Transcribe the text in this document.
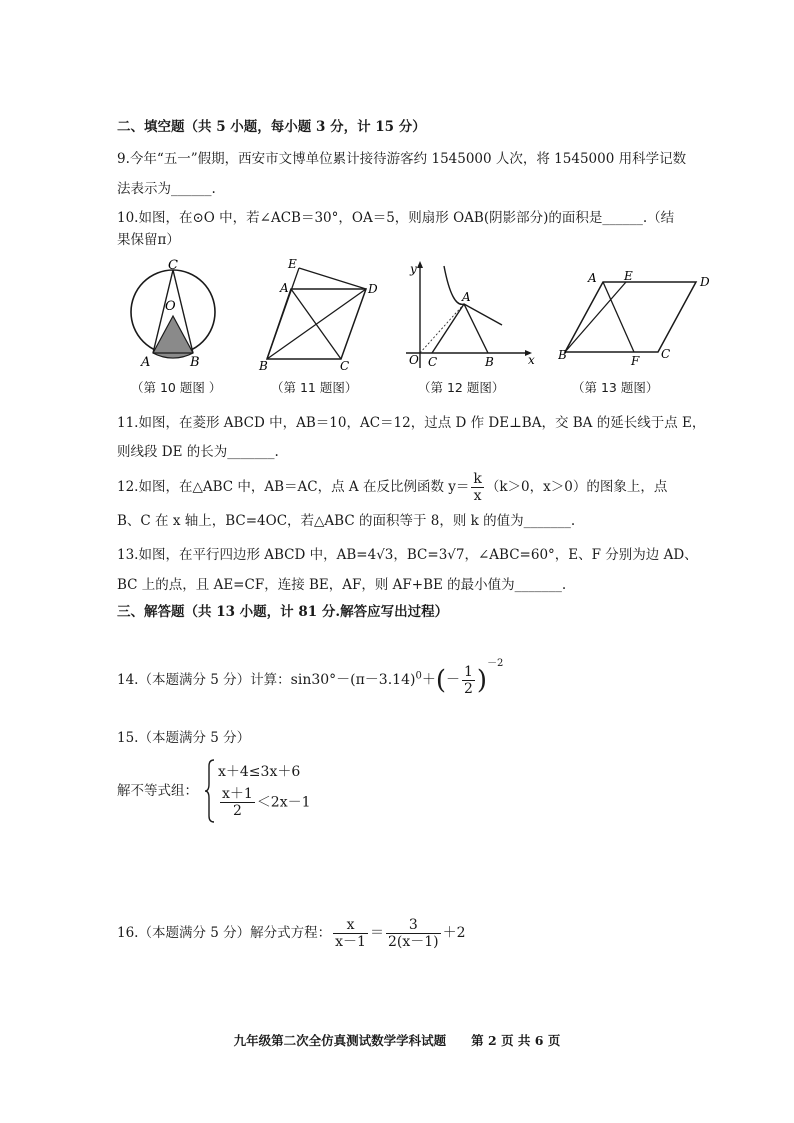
二、填空题（共 5 小题，每小题 3 分，计 15 分）
9.今年“五一”假期，西安市文博单位累计接待游客约 1545000 人次，将 1545000 用科学记数
法表示为______.
10.如图，在⊙O 中，若∠ACB＝30°，OA＝5，则扇形 OAB(阴影部分)的面积是______.（结
果保留π）
C
O
A	B
（第 10 题图 ）
E
A	D
B	C
（第 11 题图）
y
A
O C	B	x
（第 12 题图）
A E	D
B	F C
（第 13 题图）
11.如图，在菱形 ABCD 中，AB＝10，AC＝12，过点 D 作 DE⊥BA，交 BA 的延长线于点 E，
则线段 DE 的长为_______.
12.如图，在△ABC 中，AB＝AC，点 A 在反比例函数 $y= \frac{k}{x} (k>0$，x＞0）的图象上，点
B、C 在 x 轴上，BC=4OC，若△ABC 的面积等于 8，则 k 的值为_______.
13.如图，在平行四边形 ABCD 中，AB=4√3，BC=3√7，∠ABC=60°，E、F 分别为边 AD、
BC 上的点，且 AE=CF，连接 BE，AF，则 AF+BE 的最小值为_______.
三、解答题（共 13 小题，计 81 分.解答应写出过程）
14.（本题满分 5 分）计算：$\sin 30^\circ-(\pi-3.14)^0+(- \frac{1}{2} )^{-2}$
15.（本题满分 5 分）
解不等式组：
x＋4≤3x＋6
$\frac{x+1}{2} <2x-1$
16.（本题满分 5 分）解分式方程： $\frac{x}{x-1} = \frac{3}{2(x-1)} +2$
九年级第二次全仿真测试数学学科试题　　第 2 页 共 6 页
